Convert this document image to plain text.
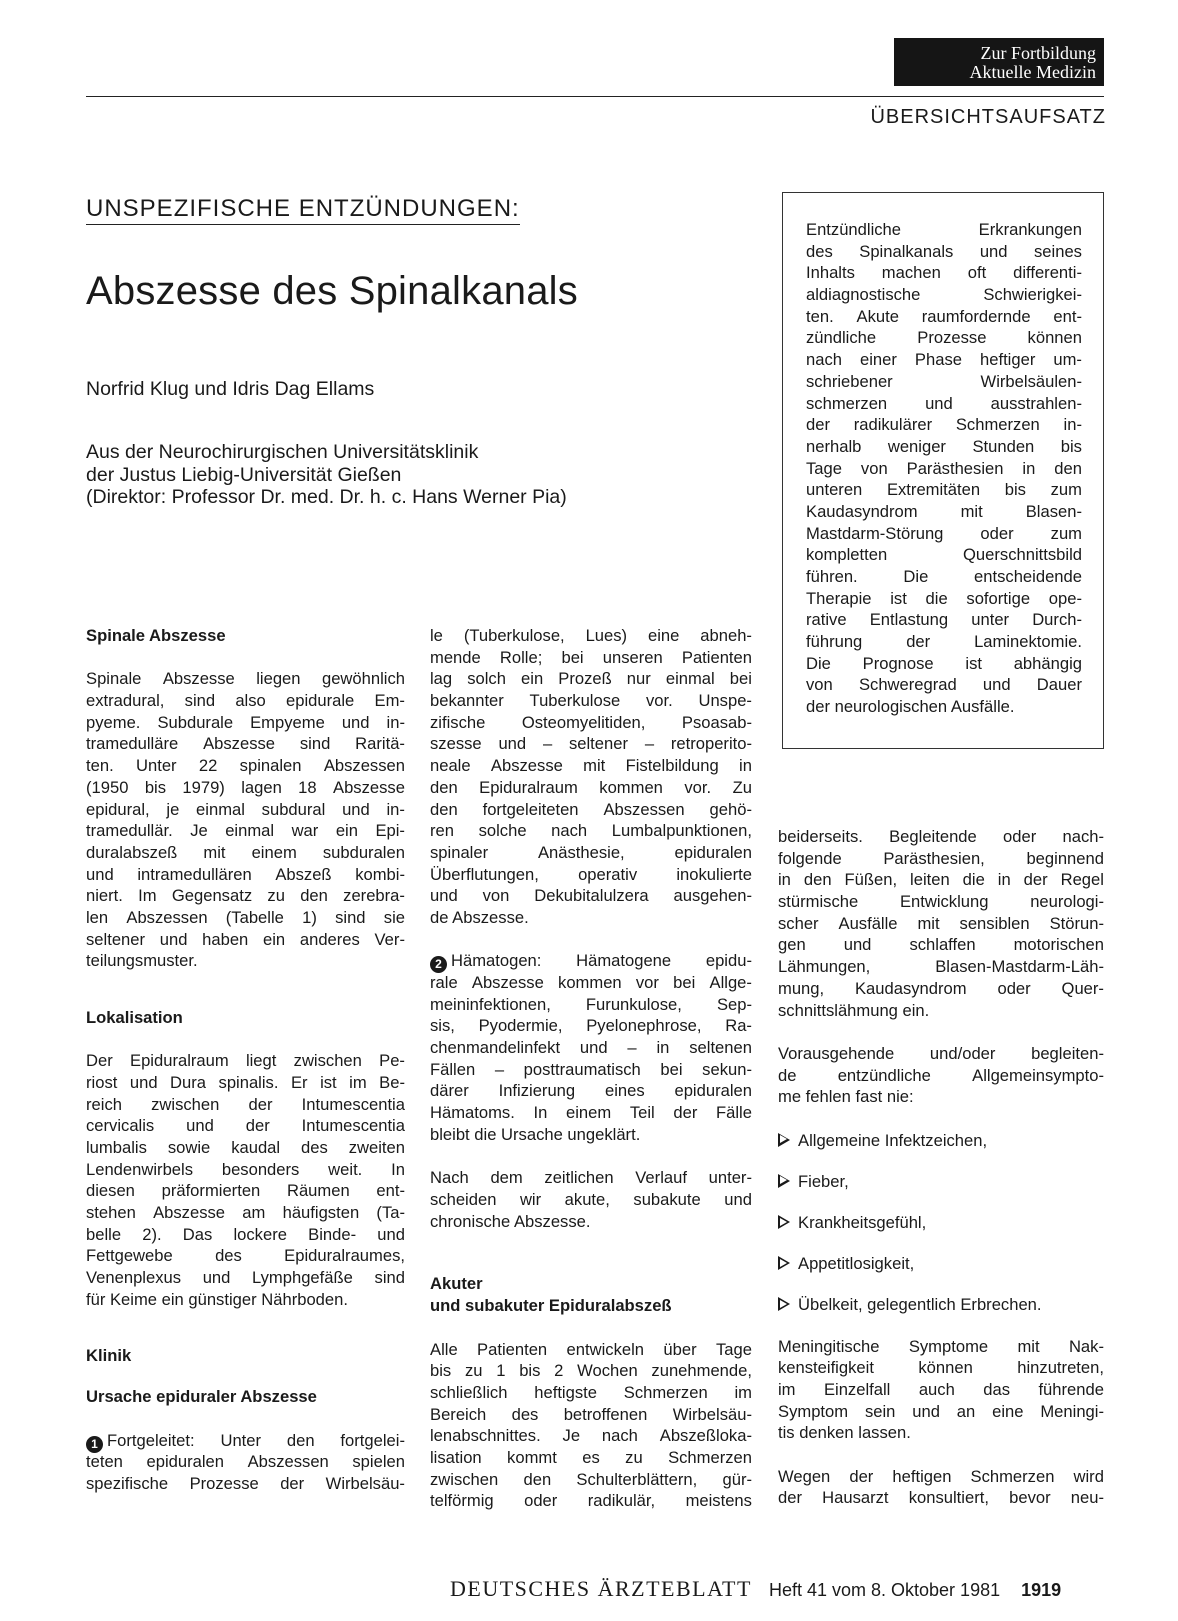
Zur Fortbildung
Aktuelle Medizin
ÜBERSICHTSAUFSATZ
UNSPEZIFISCHE ENTZÜNDUNGEN:
Abszesse des Spinalkanals
Norfrid Klug und Idris Dag Ellams
Aus der Neurochirurgischen Universitätsklinik
der Justus Liebig-Universität Gießen
(Direktor: Professor Dr. med. Dr. h. c. Hans Werner Pia)
Entzündliche	Erkrankungen
des Spinalkanals und seines
Inhalts machen oft differenti-
aldiagnostische	Schwierigkei-
ten. Akute raumfordernde ent-
zündliche Prozesse können
nach einer Phase heftiger um-
schriebener	Wirbelsäulen-
schmerzen und ausstrahlen-
der radikulärer Schmerzen in-
nerhalb weniger Stunden bis
Tage von Parästhesien in den
unteren Extremitäten bis zum
Kaudasyndrom	mit	Blasen-
Mastdarm-Störung oder zum
kompletten	Querschnittsbild
führen.	Die	entscheidende
Therapie ist die sofortige ope-
rative Entlastung unter Durch-
führung	der	Laminektomie.
Die Prognose ist abhängig
von Schweregrad und Dauer
der neurologischen Ausfälle.
Spinale Abszesse
Spinale Abszesse liegen gewöhnlich
extradural, sind also epidurale Em-
pyeme. Subdurale Empyeme und in-
tramedulläre Abszesse sind Raritä-
ten. Unter 22 spinalen Abszessen
(1950 bis 1979) lagen 18 Abszesse
epidural, je einmal subdural und in-
tramedullär. Je einmal war ein Epi-
duralabszeß mit einem subduralen
und intramedullären Abszeß kombi-
niert. Im Gegensatz zu den zerebra-
len Abszessen (Tabelle 1) sind sie
seltener und haben ein anderes Ver-
teilungsmuster.
Lokalisation
Der Epiduralraum liegt zwischen Pe-
riost und Dura spinalis. Er ist im Be-
reich zwischen der Intumescentia
cervicalis und der Intumescentia
lumbalis sowie kaudal des zweiten
Lendenwirbels besonders weit. In
diesen präformierten Räumen ent-
stehen Abszesse am häufigsten (Ta-
belle 2). Das lockere Binde- und
Fettgewebe	des	Epiduralraumes,
Venenplexus und Lymphgefäße sind
für Keime ein günstiger Nährboden.
Klinik
Ursache epiduraler Abszesse
1 Fortgeleitet: Unter den fortgelei-
teten epiduralen Abszessen spielen
spezifische Prozesse der Wirbelsäu-
le (Tuberkulose, Lues) eine abneh-
mende Rolle; bei unseren Patienten
lag solch ein Prozeß nur einmal bei
bekannter Tuberkulose vor. Unspe-
zifische Osteomyelitiden, Psoasab-
szesse und – seltener – retroperito-
neale Abszesse mit Fistelbildung in
den Epiduralraum kommen vor. Zu
den fortgeleiteten Abszessen gehö-
ren solche nach Lumbalpunktionen,
spinaler	Anästhesie,	epiduralen
Überflutungen, operativ inokulierte
und von Dekubitalulzera ausgehen-
de Abszesse.
2 Hämatogen: Hämatogene epidu-
rale Abszesse kommen vor bei Allge-
meininfektionen, Furunkulose, Sep-
sis, Pyodermie, Pyelonephrose, Ra-
chenmandelinfekt und – in seltenen
Fällen – posttraumatisch bei sekun-
därer Infizierung eines epiduralen
Hämatoms. In einem Teil der Fälle
bleibt die Ursache ungeklärt.
Nach dem zeitlichen Verlauf unter-
scheiden wir akute, subakute und
chronische Abszesse.
Akuter
und subakuter Epiduralabszeß
Alle Patienten entwickeln über Tage
bis zu 1 bis 2 Wochen zunehmende,
schließlich heftigste Schmerzen im
Bereich des betroffenen Wirbelsäu-
lenabschnittes. Je nach Abszeßloka-
lisation kommt es zu Schmerzen
zwischen den Schulterblättern, gür-
telförmig oder radikulär, meistens
beiderseits. Begleitende oder nach-
folgende	Parästhesien,	beginnend
in den Füßen, leiten die in der Regel
stürmische	Entwicklung	neurologi-
scher Ausfälle mit sensiblen Störun-
gen und schlaffen motorischen
Lähmungen,	Blasen-Mastdarm-Läh-
mung, Kaudasyndrom oder Quer-
schnittslähmung ein.
Vorausgehende und/oder begleiten-
de entzündliche Allgemeinsympto-
me fehlen fast nie:
Allgemeine Infektzeichen,
Fieber,
Krankheitsgefühl,
Appetitlosigkeit,
Übelkeit, gelegentlich Erbrechen.
Meningitische Symptome mit Nak-
kensteifigkeit	können	hinzutreten,
im Einzelfall auch das führende
Symptom sein und an eine Meningi-
tis denken lassen.
Wegen der heftigen Schmerzen wird
der Hausarzt konsultiert, bevor neu-
DEUTSCHES ÄRZTEBLATT Heft 41 vom 8. Oktober 1981 1919
